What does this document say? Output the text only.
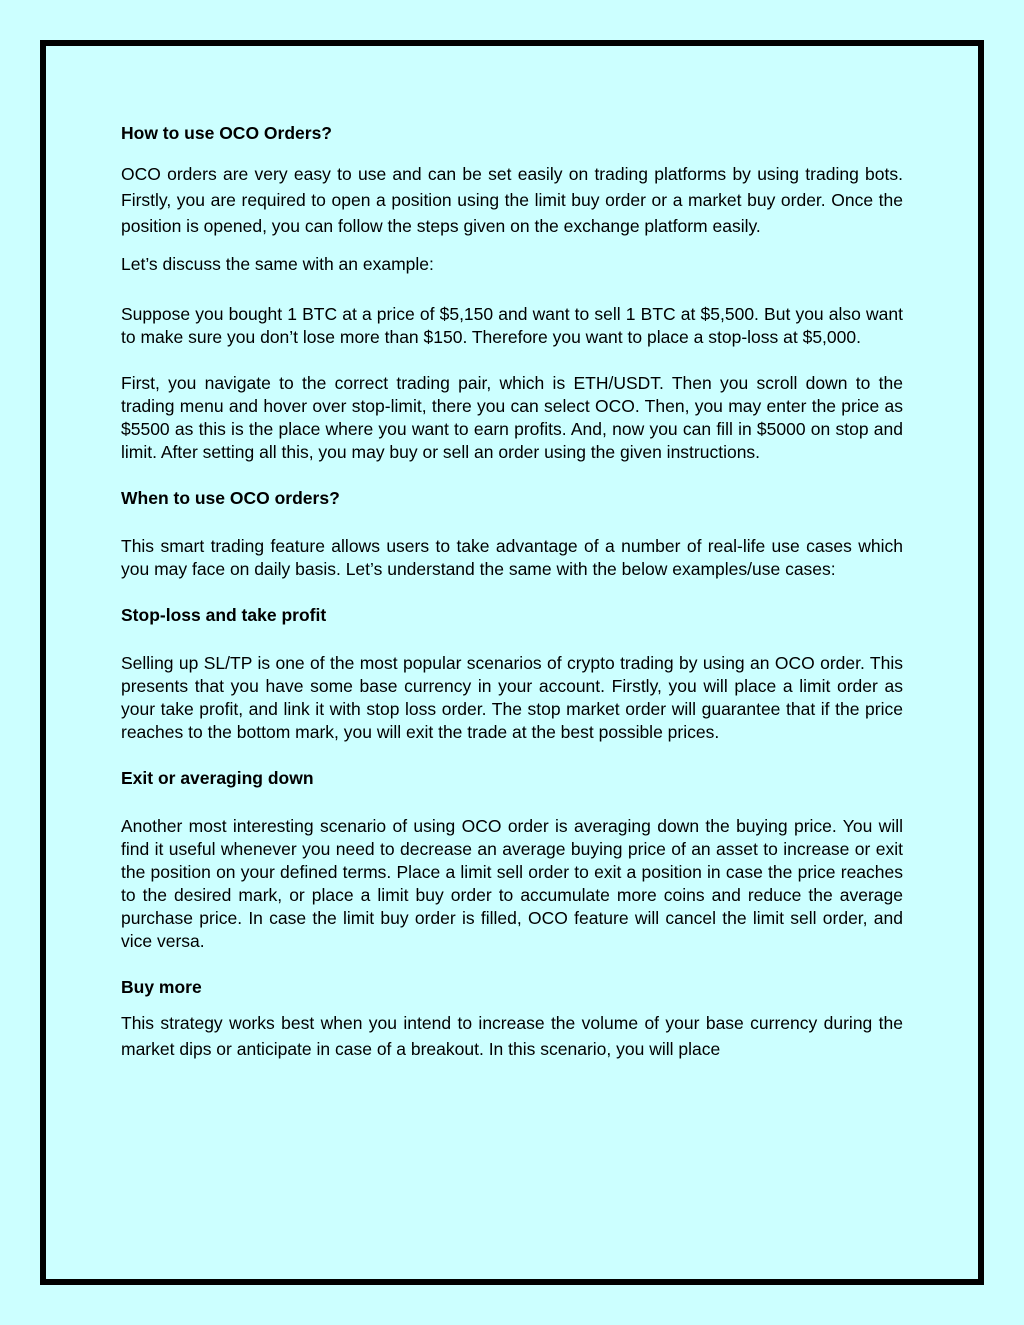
How to use OCO Orders?

OCO orders are very easy to use and can be set easily on trading platforms by using trading bots. Firstly, you are required to open a position using the limit buy order or a market buy order. Once the position is opened, you can follow the steps given on the exchange platform easily.

Let’s discuss the same with an example:

Suppose you bought 1 BTC at a price of $5,150 and want to sell 1 BTC at $5,500. But you also want to make sure you don’t lose more than $150. Therefore you want to place a stop-loss at $5,000.

First, you navigate to the correct trading pair, which is ETH/USDT. Then you scroll down to the trading menu and hover over stop-limit, there you can select OCO. Then, you may enter the price as $5500 as this is the place where you want to earn profits. And, now you can fill in $5000 on stop and limit. After setting all this, you may buy or sell an order using the given instructions.

When to use OCO orders?

This smart trading feature allows users to take advantage of a number of real-life use cases which you may face on daily basis. Let’s understand the same with the below examples/use cases:

Stop-loss and take profit

Selling up SL/TP is one of the most popular scenarios of crypto trading by using an OCO order. This presents that you have some base currency in your account. Firstly, you will place a limit order as your take profit, and link it with stop loss order. The stop market order will guarantee that if the price reaches to the bottom mark, you will exit the trade at the best possible prices.

Exit or averaging down

Another most interesting scenario of using OCO order is averaging down the buying price. You will find it useful whenever you need to decrease an average buying price of an asset to increase or exit the position on your defined terms. Place a limit sell order to exit a position in case the price reaches to the desired mark, or place a limit buy order to accumulate more coins and reduce the average purchase price. In case the limit buy order is filled, OCO feature will cancel the limit sell order, and vice versa.

Buy more

This strategy works best when you intend to increase the volume of your base currency during the market dips or anticipate in case of a breakout. In this scenario, you will place
